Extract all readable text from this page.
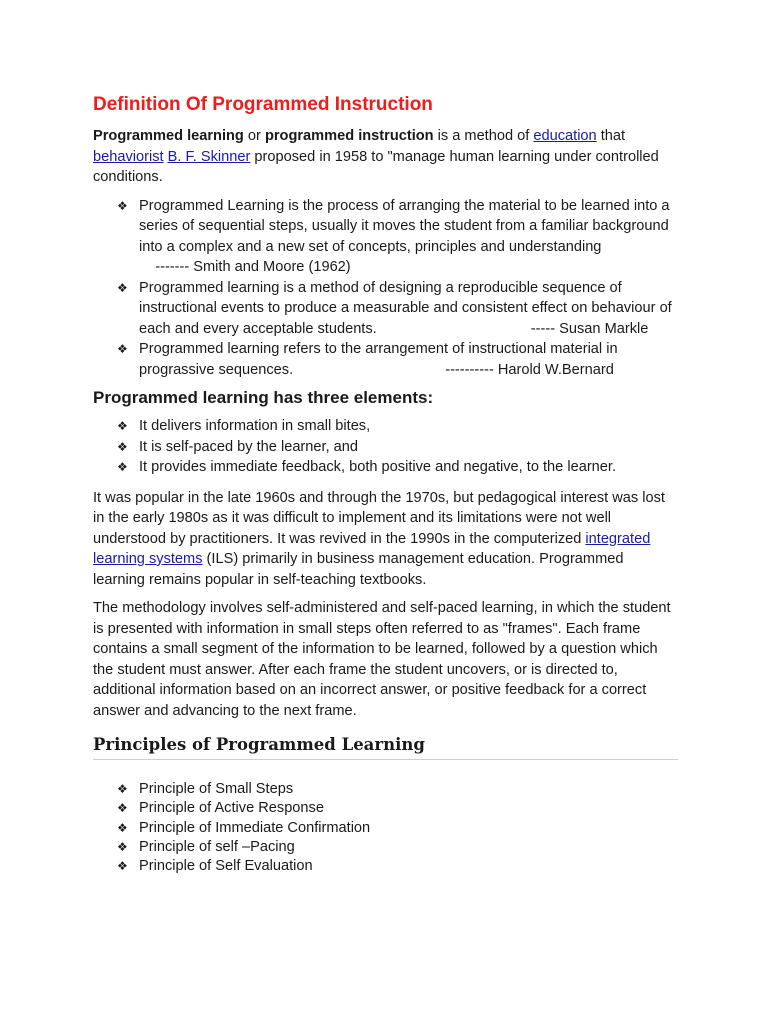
Definition Of Programmed Instruction

Programmed learning or programmed instruction is a method of education that behaviorist B. F. Skinner proposed in 1958 to "manage human learning under controlled conditions.

❖ Programmed Learning is the process of arranging the material to be learned into a series of sequential steps, usually it moves the student from a familiar background into a complex and a new set of concepts, principles and understanding    ------- Smith and Moore (1962)
❖ Programmed learning is a method of designing a reproducible sequence of instructional events to produce a measurable and consistent effect on behaviour of each and every acceptable students.	----- Susan Markle
❖ Programmed learning refers to the arrangement of instructional material in prograssive sequences.	---------- Harold W.Bernard
Programmed learning has three elements:
❖ It delivers information in small bites,
❖ It is self-paced by the learner, and
❖ It provides immediate feedback, both positive and negative, to the learner.

It was popular in the late 1960s and through the 1970s, but pedagogical interest was lost in the early 1980s as it was difficult to implement and its limitations were not well understood by practitioners. It was revived in the 1990s in the computerized integrated learning systems (ILS) primarily in business management education. Programmed learning remains popular in self-teaching textbooks.

The methodology involves self-administered and self-paced learning, in which the student is presented with information in small steps often referred to as "frames". Each frame contains a small segment of the information to be learned, followed by a question which the student must answer. After each frame the student uncovers, or is directed to, additional information based on an incorrect answer, or positive feedback for a correct answer and advancing to the next frame.

Principles of Programmed Learning
❖ Principle of Small Steps
❖ Principle of Active Response
❖ Principle of Immediate Confirmation
❖ Principle of self –Pacing
❖ Principle of Self Evaluation
